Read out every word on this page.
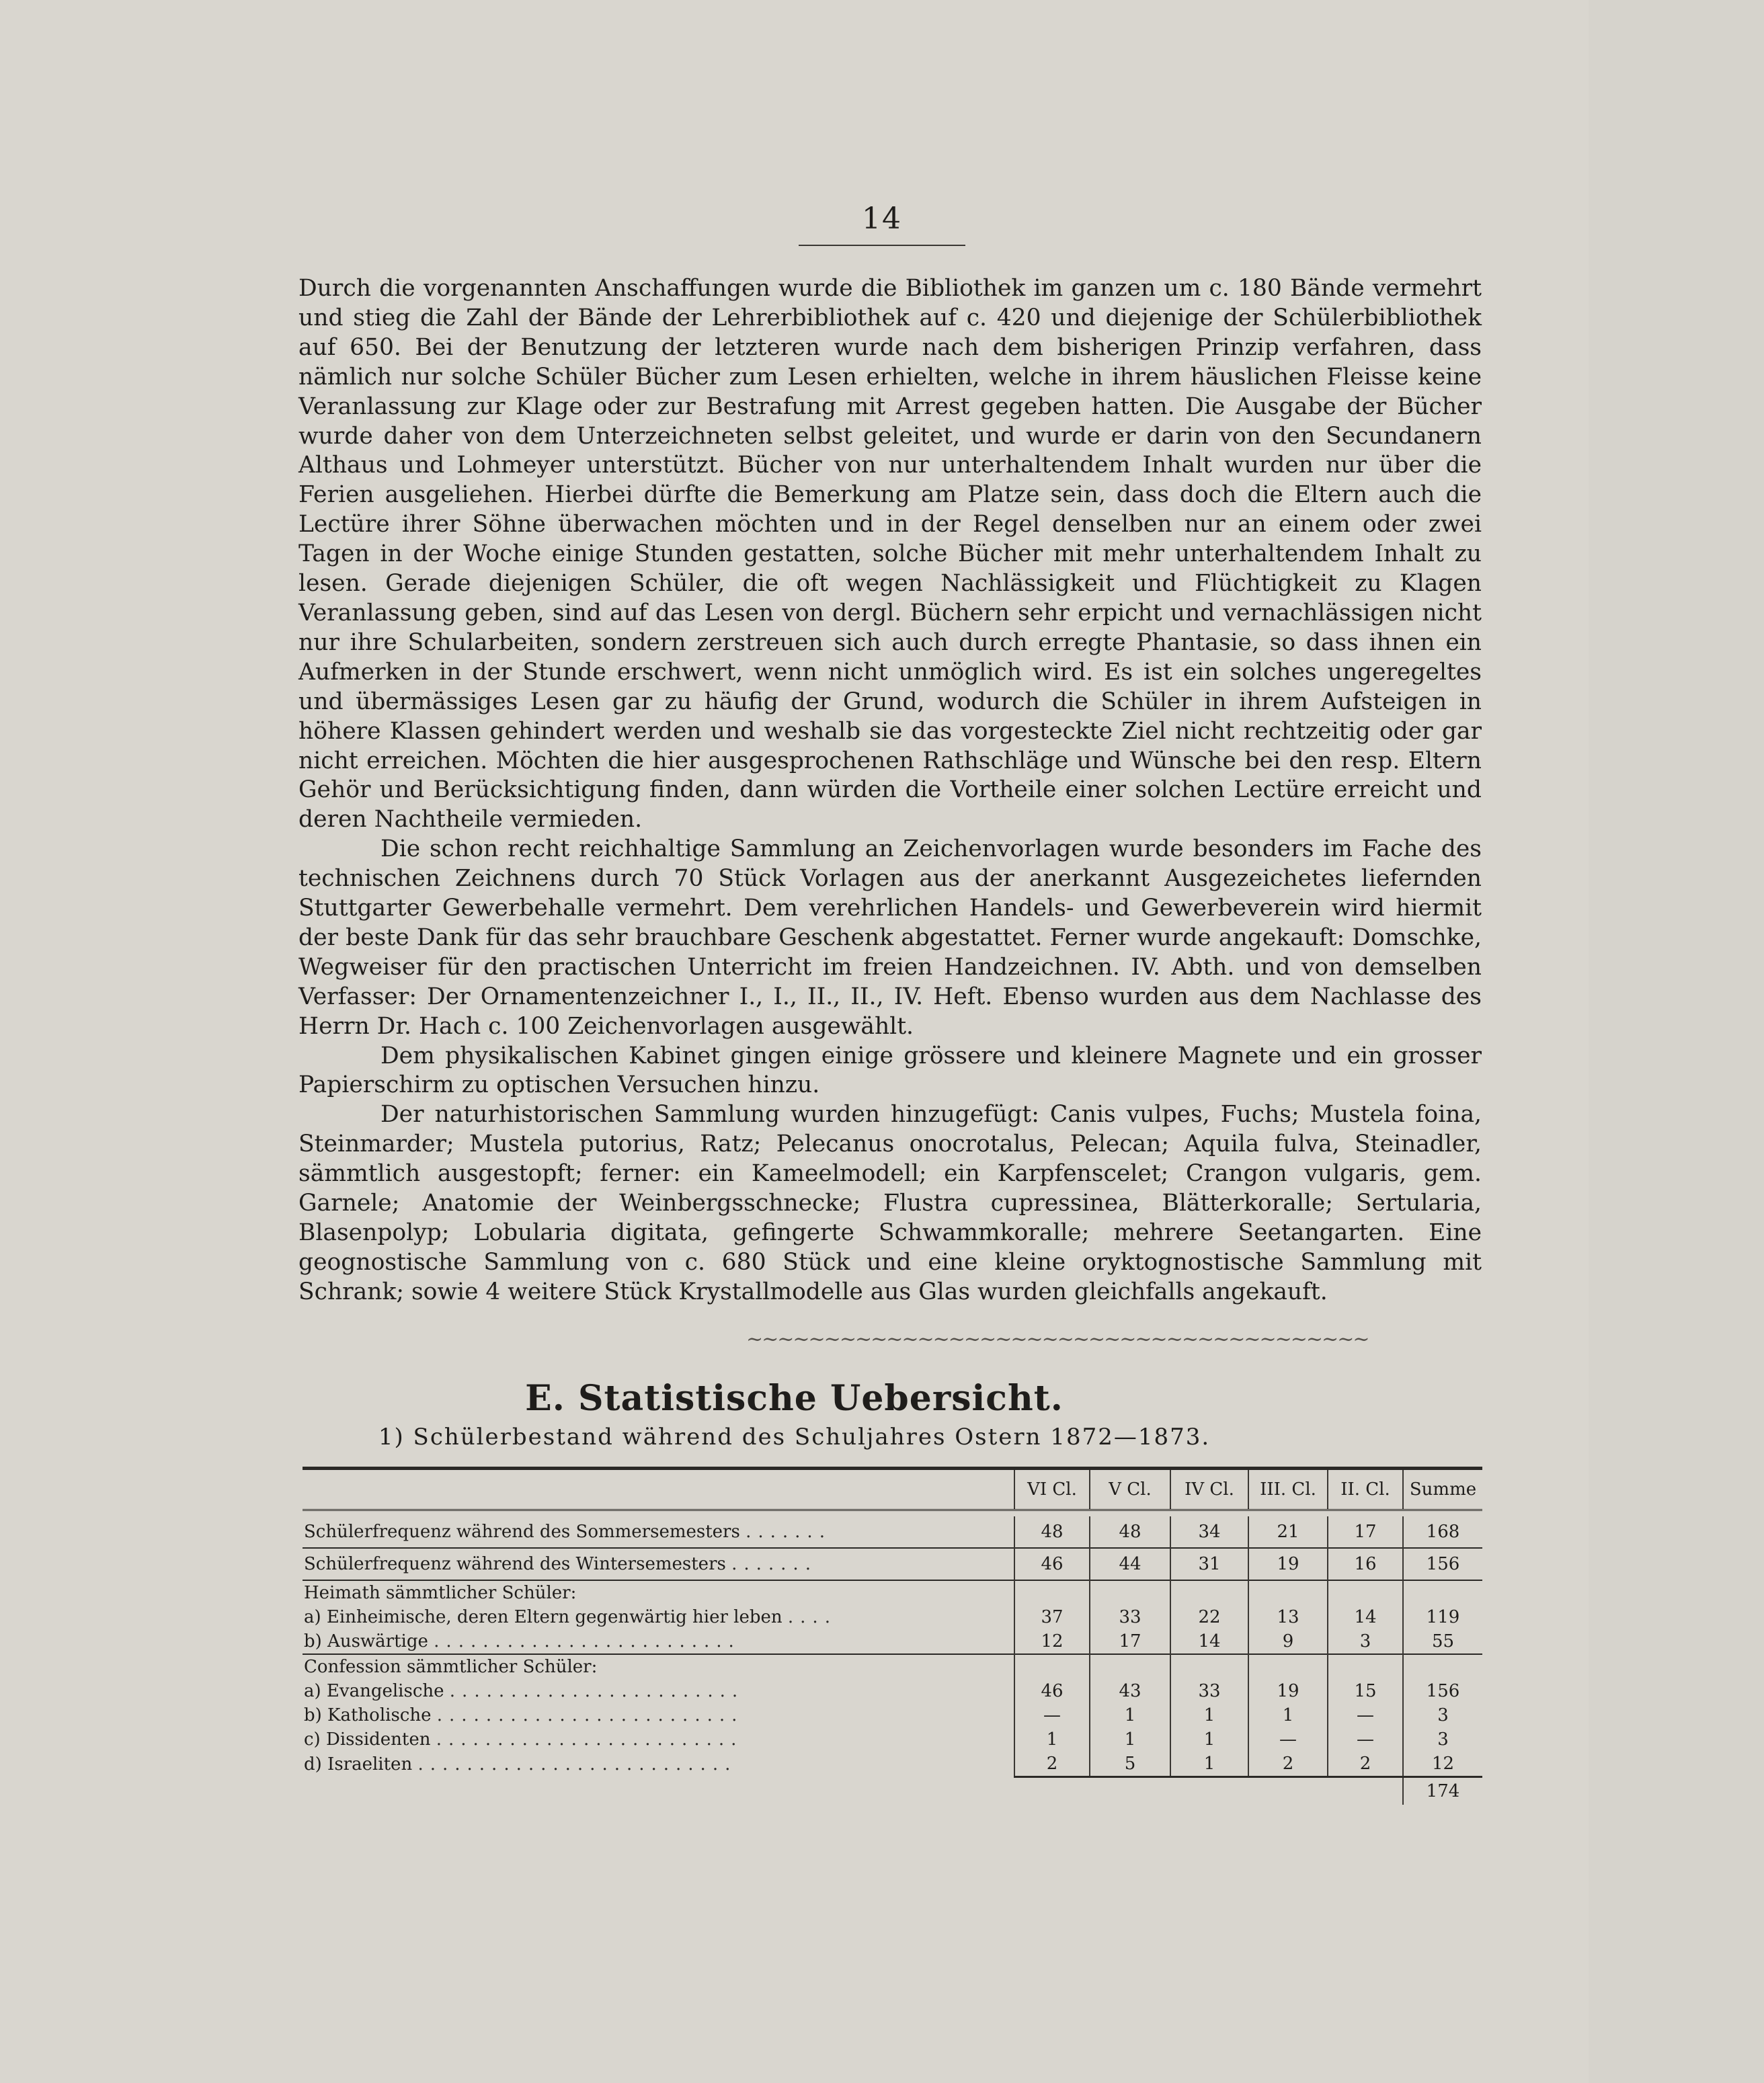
14

Durch die vorgenannten Anschaffungen wurde die Bibliothek im ganzen um c. 180 Bände vermehrt und stieg die Zahl der Bände der Lehrerbibliothek auf c. 420 und diejenige der Schülerbibliothek auf 650. Bei der Benutzung der letzteren wurde nach dem bisherigen Prinzip verfahren, dass nämlich nur solche Schüler Bücher zum Lesen erhielten, welche in ihrem häuslichen Fleisse keine Veranlassung zur Klage oder zur Bestrafung mit Arrest gegeben hatten. Die Ausgabe der Bücher wurde daher von dem Unterzeichneten selbst geleitet, und wurde er darin von den Secundanern Althaus und Lohmeyer unterstützt. Bücher von nur unterhaltendem Inhalt wurden nur über die Ferien ausgeliehen. Hierbei dürfte die Bemerkung am Platze sein, dass doch die Eltern auch die Lectüre ihrer Söhne überwachen möchten und in der Regel denselben nur an einem oder zwei Tagen in der Woche einige Stunden gestatten, solche Bücher mit mehr unterhaltendem Inhalt zu lesen. Gerade diejenigen Schüler, die oft wegen Nachlässigkeit und Flüchtigkeit zu Klagen Veranlassung geben, sind auf das Lesen von dergl. Büchern sehr erpicht und vernachlässigen nicht nur ihre Schularbeiten, sondern zerstreuen sich auch durch erregte Phantasie, so dass ihnen ein Aufmerken in der Stunde erschwert, wenn nicht unmöglich wird. Es ist ein solches ungeregeltes und übermässiges Lesen gar zu häufig der Grund, wodurch die Schüler in ihrem Aufsteigen in höhere Klassen gehindert werden und weshalb sie das vorgesteckte Ziel nicht rechtzeitig oder gar nicht erreichen. Möchten die hier ausgesprochenen Rathschläge und Wünsche bei den resp. Eltern Gehör und Berücksichtigung finden, dann würden die Vortheile einer solchen Lectüre erreicht und deren Nachtheile vermieden.

Die schon recht reichhaltige Sammlung an Zeichenvorlagen wurde besonders im Fache des technischen Zeichnens durch 70 Stück Vorlagen aus der anerkannt Ausgezeichetes liefernden Stuttgarter Gewerbehalle vermehrt. Dem verehrlichen Handels- und Gewerbeverein wird hiermit der beste Dank für das sehr brauchbare Geschenk abgestattet. Ferner wurde angekauft: Domschke, Wegweiser für den practischen Unterricht im freien Handzeichnen. IV. Abth. und von demselben Verfasser: Der Ornamentenzeichner I., I., II., II., IV. Heft. Ebenso wurden aus dem Nachlasse des Herrn Dr. Hach c. 100 Zeichenvorlagen ausgewählt.

Dem physikalischen Kabinet gingen einige grössere und kleinere Magnete und ein grosser Papierschirm zu optischen Versuchen hinzu.

Der naturhistorischen Sammlung wurden hinzugefügt: Canis vulpes, Fuchs; Mustela foina, Steinmarder; Mustela putorius, Ratz; Pelecanus onocrotalus, Pelecan; Aquila fulva, Steinadler, sämmtlich ausgestopft; ferner: ein Kameelmodell; ein Karpfenscelet; Crangon vulgaris, gem. Garnele; Anatomie der Weinbergsschnecke; Flustra cupressinea, Blätterkoralle; Sertularia, Blasenpolyp; Lobularia digitata, gefingerte Schwammkoralle; mehrere Seetangarten. Eine geognostische Sammlung von c. 680 Stück und eine kleine oryktognostische Sammlung mit Schrank; sowie 4 weitere Stück Krystallmodelle aus Glas wurden gleichfalls angekauft.

~~~~~~~~~~~~~~~~~~~~~~~~~~~~~~~~~~~~~~~~
E. Statistische Uebersicht.
1) Schülerbestand während des Schuljahres Ostern 1872—1873.
	VI Cl.	V Cl.	IV Cl.	III. Cl.	II. Cl.	Summe

Schülerfrequenz während des Sommersemesters .......	48	48	34	21	17	168
Schülerfrequenz während des Wintersemesters .......	46	44	31	19	16	156
Heimath sämmtlicher Schüler:						
a) Einheimische, deren Eltern gegenwärtig hier leben ....	37	33	22	13	14	119
b) Auswärtige .........................	12	17	14	9	3	55
Confession sämmtlicher Schüler:						
a) Evangelische ........................	46	43	33	19	15	156
b) Katholische .........................	—	1	1	1	—	3
c) Dissidenten .........................	1	1	1	—	—	3
d) Israeliten ..........................	2	5	1	2	2	12
						174
